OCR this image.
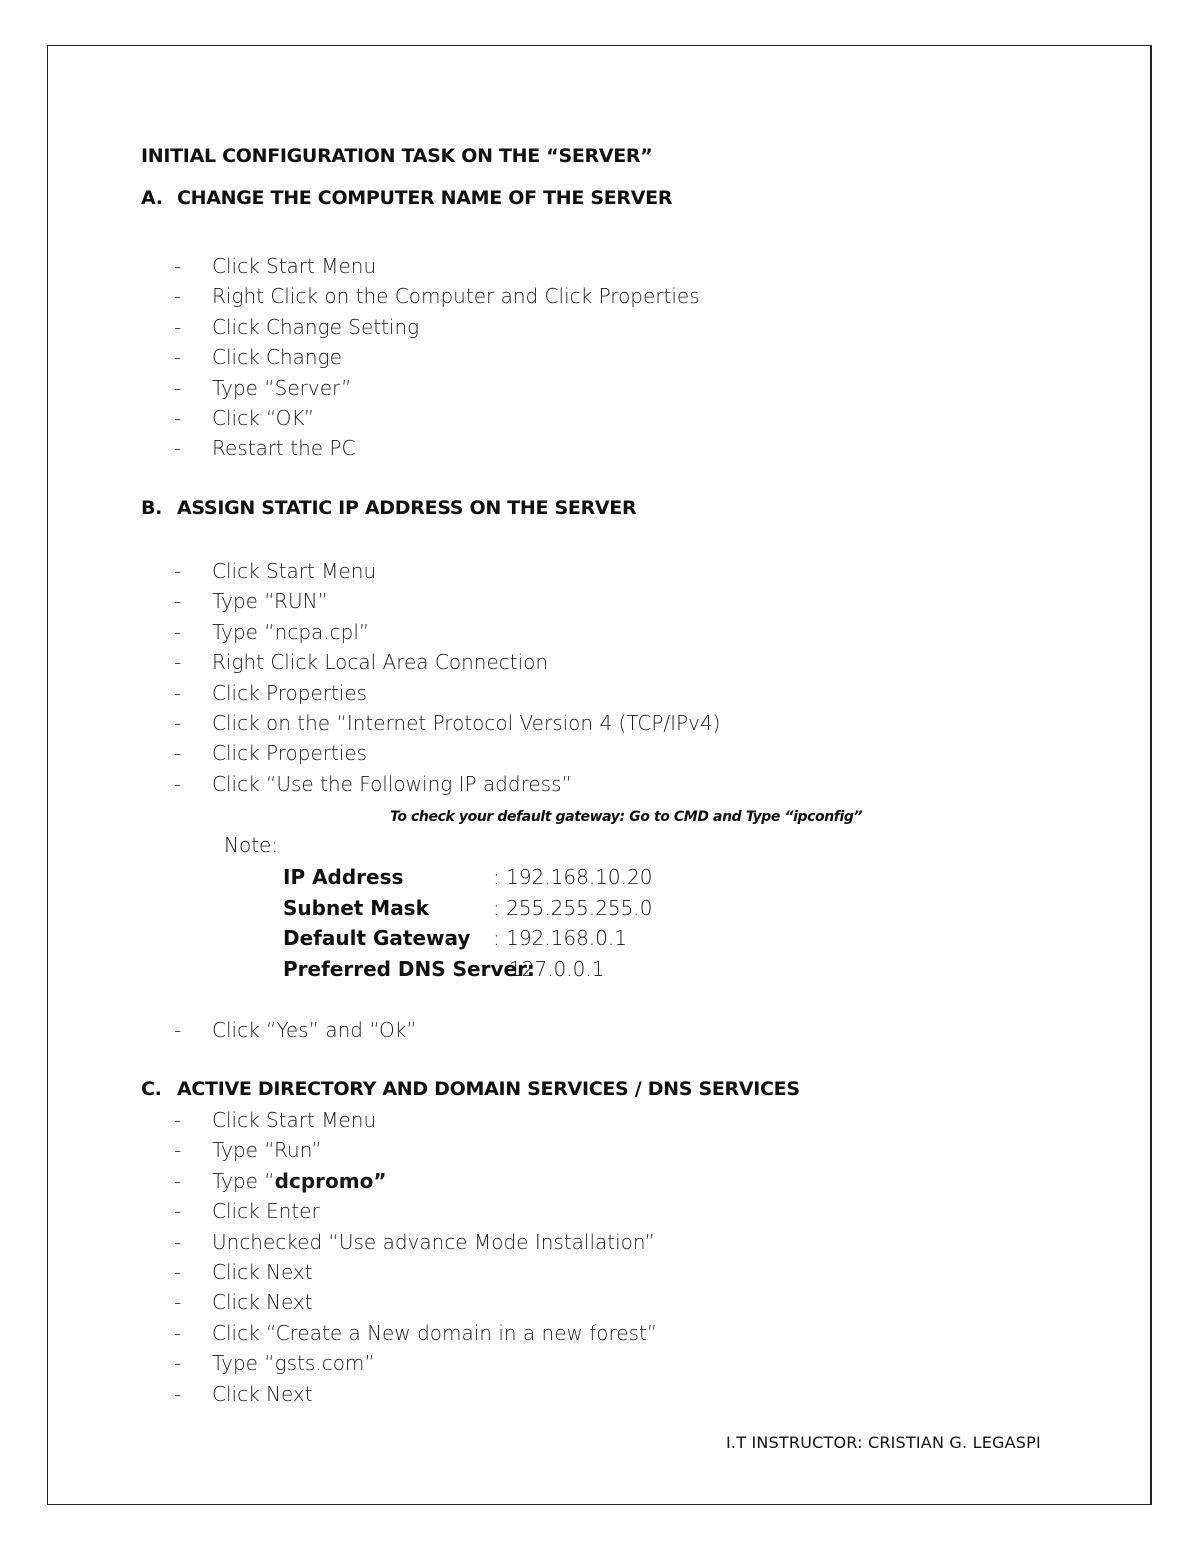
INITIAL CONFIGURATION TASK ON THE “SERVER”
A. CHANGE THE COMPUTER NAME OF THE SERVER
- Click Start Menu
- Right Click on the Computer and Click Properties
- Click Change Setting
- Click Change
- Type “Server”
- Click “OK”
- Restart the PC
B. ASSIGN STATIC IP ADDRESS ON THE SERVER
- Click Start Menu
- Type “RUN”
- Type “ncpa.cpl”
- Right Click Local Area Connection
- Click Properties
- Click on the “Internet Protocol Version 4 (TCP/IPv4)
- Click Properties
- Click “Use the Following IP address”
To check your default gateway: Go to CMD and Type “ipconfig”
Note:
IP Address	: 192.168.10.20
Subnet Mask	: 255.255.255.0
Default Gateway : 192.168.0.1
Preferred DNS Server:
127.0.0.1
- Click “Yes” and “Ok”
C. ACTIVE DIRECTORY AND DOMAIN SERVICES / DNS SERVICES
- Click Start Menu
- Type “Run”
- Type “dcpromo”
- Click Enter
- Unchecked “Use advance Mode Installation”
- Click Next
- Click Next
- Click “Create a New domain in a new forest”
- Type “gsts.com”
- Click Next
I.T INSTRUCTOR: CRISTIAN G. LEGASPI
